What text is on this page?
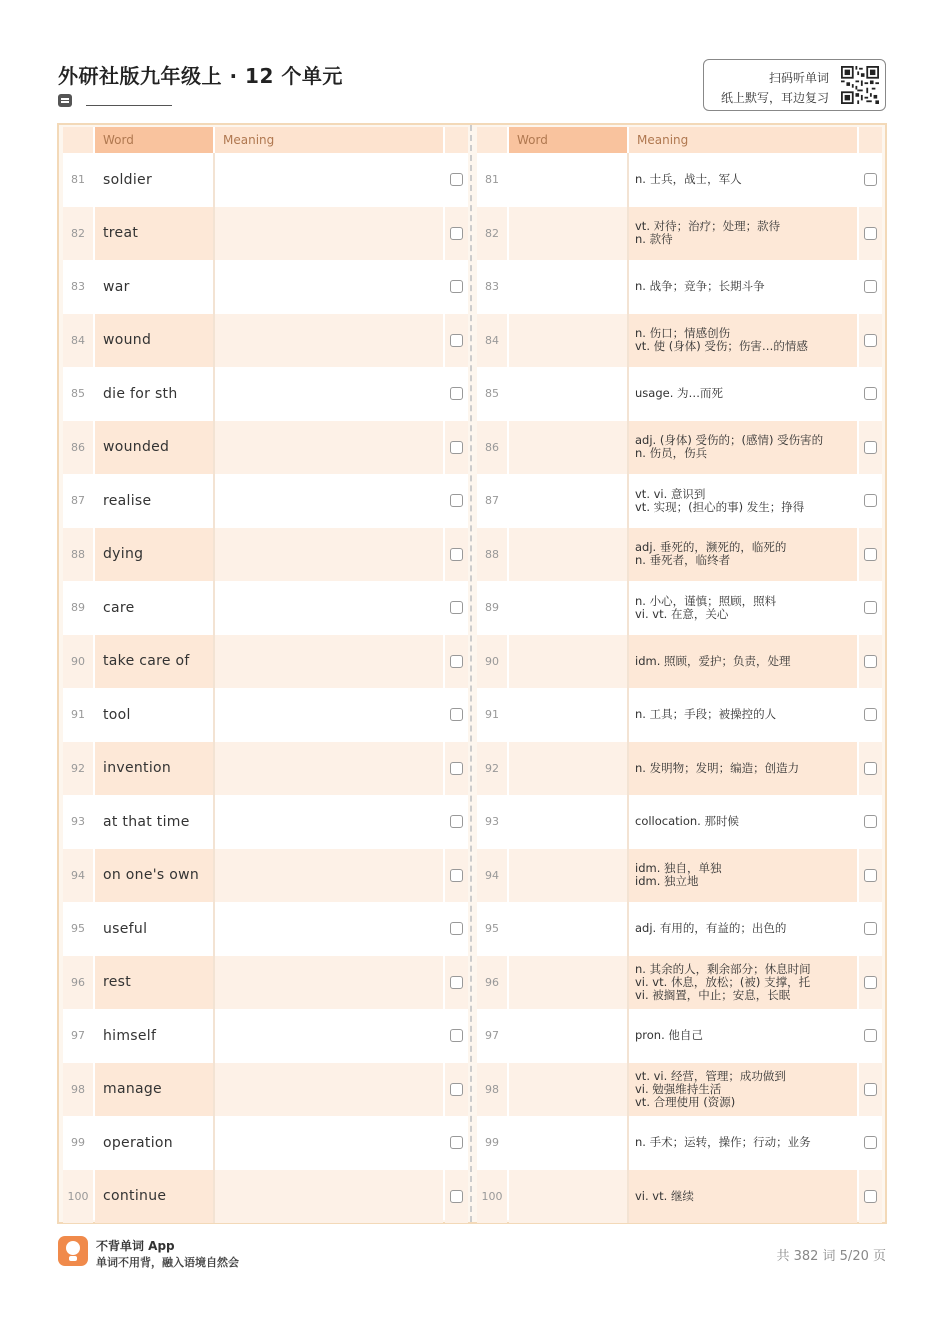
外研社版九年级上 · 12 个单元	扫码听单词
纸上默写，耳边复习
Word	Meaning
81	soldier
82	treat
83	war
84	wound
85	die for sth
86	wounded
87	realise
88	dying
89	care
90	take care of
91	tool
92	invention
93	at that time
94	on one's own
95	useful
96	rest
97	himself
98	manage
99	operation
100	continue
Word	Meaning
81	n. 士兵，战士，军人
82	vt. 对待；治疗；处理；款待
n. 款待
83	n. 战争；竞争；长期斗争
84	n. 伤口；情感创伤
vt. 使 (身体) 受伤；伤害…的情感
85	usage. 为…而死
86	adj. (身体) 受伤的；(感情) 受伤害的
n. 伤员，伤兵
87	vt. vi. 意识到
vt. 实现；(担心的事) 发生；挣得
88	adj. 垂死的，濒死的，临死的
n. 垂死者，临终者
89	n. 小心，谨慎；照顾，照料
vi. vt. 在意，关心
90	idm. 照顾，爱护；负责，处理
91	n. 工具；手段；被操控的人
92	n. 发明物；发明；编造；创造力
93	collocation. 那时候
94	idm. 独自，单独
idm. 独立地
95	adj. 有用的，有益的；出色的
96
n. 其余的人，剩余部分；休息时间
vi. vt. 休息，放松；(被) 支撑，托
vi. 被搁置，中止；安息，长眠
97	pron. 他自己
98
vt. vi. 经营，管理；成功做到
vi. 勉强维持生活
vt. 合理使用 (资源)
99	n. 手术；运转，操作；行动；业务
100	vi. vt. 继续
不背单词 App
单词不用背，融入语境自然会	共 382 词 5/20 页
